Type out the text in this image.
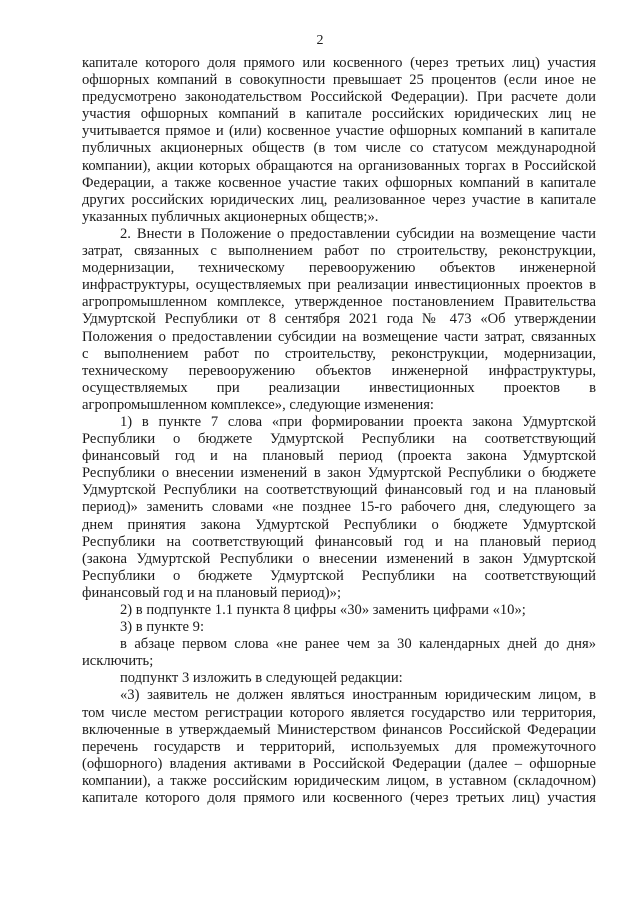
2
капитале которого доля прямого или косвенного (через третьих лиц) участия
офшорных компаний в совокупности превышает 25 процентов (если иное не
предусмотрено законодательством Российской Федерации). При расчете доли
участия офшорных компаний в капитале российских юридических лиц не
учитывается прямое и (или) косвенное участие офшорных компаний в капитале
публичных акционерных обществ (в том числе со статусом международной
компании), акции которых обращаются на организованных торгах в Российской
Федерации, а также косвенное участие таких офшорных компаний в капитале
других российских юридических лиц, реализованное через участие в капитале
указанных публичных акционерных обществ;».
2. Внести в Положение о предоставлении субсидии на возмещение части
затрат, связанных с выполнением работ по строительству, реконструкции,
модернизации, техническому перевооружению объектов инженерной
инфраструктуры, осуществляемых при реализации инвестиционных проектов в
агропромышленном комплексе, утвержденное постановлением Правительства
Удмуртской Республики от 8 сентября 2021 года № 473 «Об утверждении
Положения о предоставлении субсидии на возмещение части затрат, связанных
с выполнением работ по строительству, реконструкции, модернизации,
техническому перевооружению объектов инженерной инфраструктуры,
осуществляемых при реализации инвестиционных проектов в
агропромышленном комплексе», следующие изменения:
1) в пункте 7 слова «при формировании проекта закона Удмуртской
Республики о бюджете Удмуртской Республики на соответствующий
финансовый год и на плановый период (проекта закона Удмуртской
Республики о внесении изменений в закон Удмуртской Республики о бюджете
Удмуртской Республики на соответствующий финансовый год и на плановый
период)» заменить словами «не позднее 15-го рабочего дня, следующего за
днем принятия закона Удмуртской Республики о бюджете Удмуртской
Республики на соответствующий финансовый год и на плановый период
(закона Удмуртской Республики о внесении изменений в закон Удмуртской
Республики о бюджете Удмуртской Республики на соответствующий
финансовый год и на плановый период)»;
2) в подпункте 1.1 пункта 8 цифры «30» заменить цифрами «10»;
3) в пункте 9:
в абзаце первом слова «не ранее чем за 30 календарных дней до дня»
исключить;
подпункт 3 изложить в следующей редакции:
«3) заявитель не должен являться иностранным юридическим лицом, в
том числе местом регистрации которого является государство или территория,
включенные в утверждаемый Министерством финансов Российской Федерации
перечень государств и территорий, используемых для промежуточного
(офшорного) владения активами в Российской Федерации (далее – офшорные
компании), а также российским юридическим лицом, в уставном (складочном)
капитале которого доля прямого или косвенного (через третьих лиц) участия
